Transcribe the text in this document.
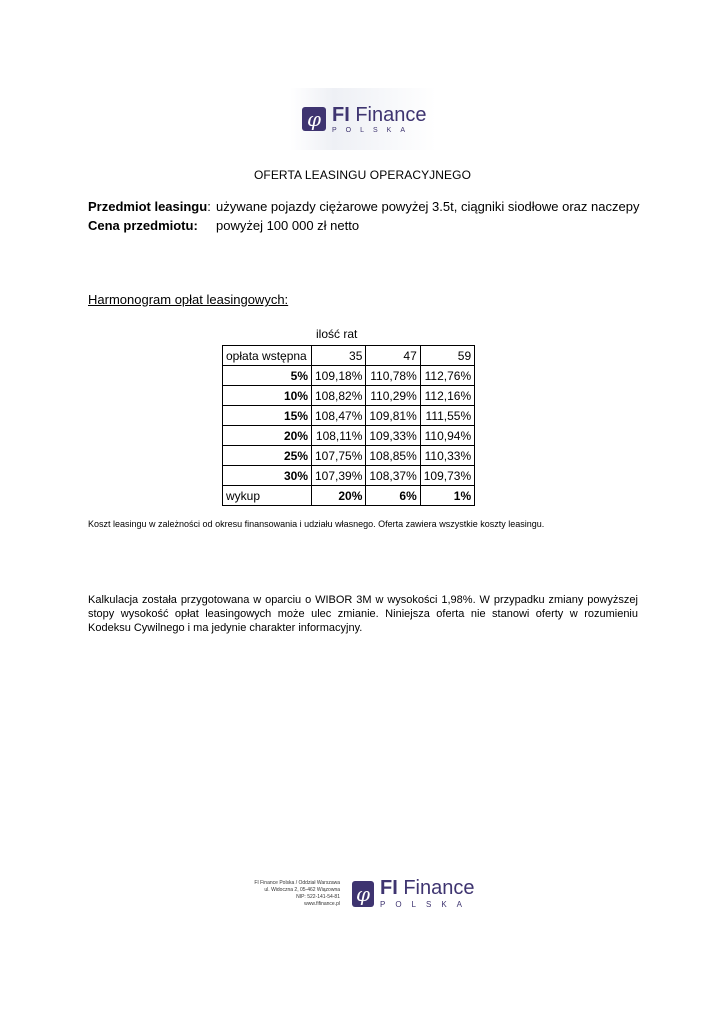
φ FI Finance
POLSKA
OFERTA LEASINGU OPERACYJNEGO
Przedmiot leasingu: używane pojazdy ciężarowe powyżej 3.5t, ciągniki siodłowe oraz naczepy
Cena przedmiotu: powyżej 100 000 zł netto
Harmonogram opłat leasingowych:
ilość rat
opłata wstępna	35	47	59
5%	109,18%	110,78%	112,76%
10%	108,82%	110,29%	112,16%
15%	108,47%	109,81%	111,55%
20%	108,11%	109,33%	110,94%
25%	107,75%	108,85%	110,33%
30%	107,39%	108,37%	109,73%
wykup	20%	6%	1%
Koszt leasingu w zależności od okresu finansowania i udziału własnego. Oferta zawiera wszystkie koszty leasingu.
Kalkulacja została przygotowana w oparciu o WIBOR 3M w wysokości 1,98%. W przypadku zmiany powyższej stopy wysokość opłat leasingowych może ulec zmianie. Niniejsza oferta nie stanowi oferty w rozumieniu Kodeksu Cywilnego i ma jedynie charakter informacyjny.
FI Finance Polska / Oddział Warszawa
ul. Widoczna 2, 05-462 Wiązowna
NIP: 522-141-54-81
www.fifinance.pl φ FI Finance
POLSKA
